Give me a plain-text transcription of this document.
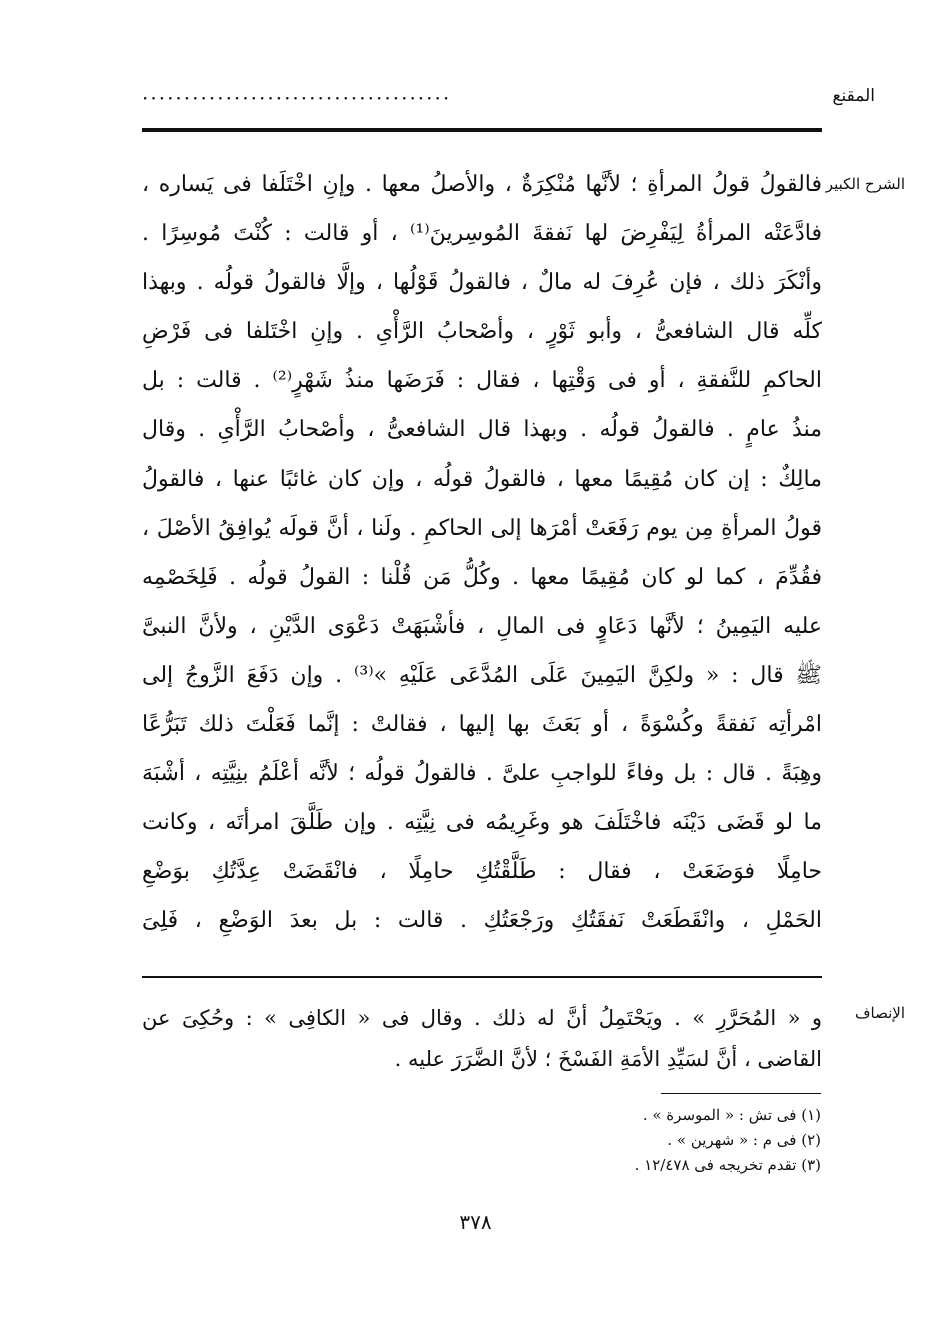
المقنع
·····································
الشرح الكبير
فالقولُ قولُ المرأةِ ؛ لأنَّها مُنْكِرَةٌ ، والأصلُ معها . وإنِ اخْتَلَفا فى يَساره ،
فادَّعَتْه المرأةُ لِيَفْرِضَ لها نَفقةَ المُوسِرينَ⁽¹⁾ ، أو قالت : كُنْتَ مُوسِرًا .
وأنْكَرَ ذلك ، فإن عُرِفَ له مالٌ ، فالقولُ قَوْلُها ، وإلَّا فالقولُ قولُه . وبهذا
كلِّه قال الشافعىُّ ، وأبو ثَوْرٍ ، وأصْحابُ الرَّأْىِ . وإنِ اخْتَلفا فى فَرْضِ
الحاكمِ للنَّفقةِ ، أو فى وَقْتِها ، فقال : فَرَضَها منذُ شَهْرٍ⁽²⁾ . قالت : بل
منذُ عامٍ . فالقولُ قولُه . وبهذا قال الشافعىُّ ، وأصْحابُ الرَّأْىِ . وقال
مالِكٌ : إن كان مُقِيمًا معها ، فالقولُ قولُه ، وإن كان غائبًا عنها ، فالقولُ
قولُ المرأةِ مِن يوم رَفَعَتْ أمْرَها إلى الحاكمِ . ولَنا ، أنَّ قولَه يُوافِقُ الأصْلَ ،
فقُدِّمَ ، كما لو كان مُقِيمًا معها . وكُلُّ مَن قُلْنا : القولُ قولُه . فَلِخَصْمِه
عليه اليَمِينُ ؛ لأنَّها دَعَاوٍ فى المالِ ، فأشْبَهَتْ دَعْوَى الدَّيْنِ ، ولأنَّ النبىَّ
ﷺ قال : « ولكِنَّ اليَمِينَ عَلَى المُدَّعَى عَلَيْهِ »⁽³⁾ . وإن دَفَعَ الزَّوجُ إلى
امْرأتِه نَفقةً وكُسْوَةً ، أو بَعَثَ بها إليها ، فقالتْ : إنَّما فَعَلْتَ ذلك تَبَرُّعًا
وهِبَةً . قال : بل وفاءً للواجبِ علىَّ . فالقولُ قولُه ؛ لأنَّه أعْلَمُ بنِيَّتِه ، أشْبَهَ
ما لو قَضَى دَيْنَه فاخْتَلَفَ هو وغَرِيمُه فى نِيَّتِه . وإن طَلَّقَ امرأتَه ، وكانت
حامِلًا فوَضَعَتْ ، فقال : طَلَّقْتُكِ حامِلًا ، فانْقَضَتْ عِدَّتُكِ بوَضْعِ
الحَمْلِ ، وانْقَطَعَتْ نَفقَتُكِ ورَجْعَتُكِ . قالت : بل بعدَ الوَضْعِ ، فَلِىَ
الإنصاف
و « المُحَرَّرِ » . ويَحْتَمِلُ أنَّ له ذلك . وقال فى « الكافِى » : وحُكِىَ عن
القاضى ، أنَّ لسَيِّدِ الأمَةِ الفَسْخَ ؛ لأنَّ الضَّرَرَ عليه .
(١) فى تش : « الموسرة » .
(٢) فى م : « شهرين » .
(٣) تقدم تخريجه فى ١٢/٤٧٨ .
٣٧٨
